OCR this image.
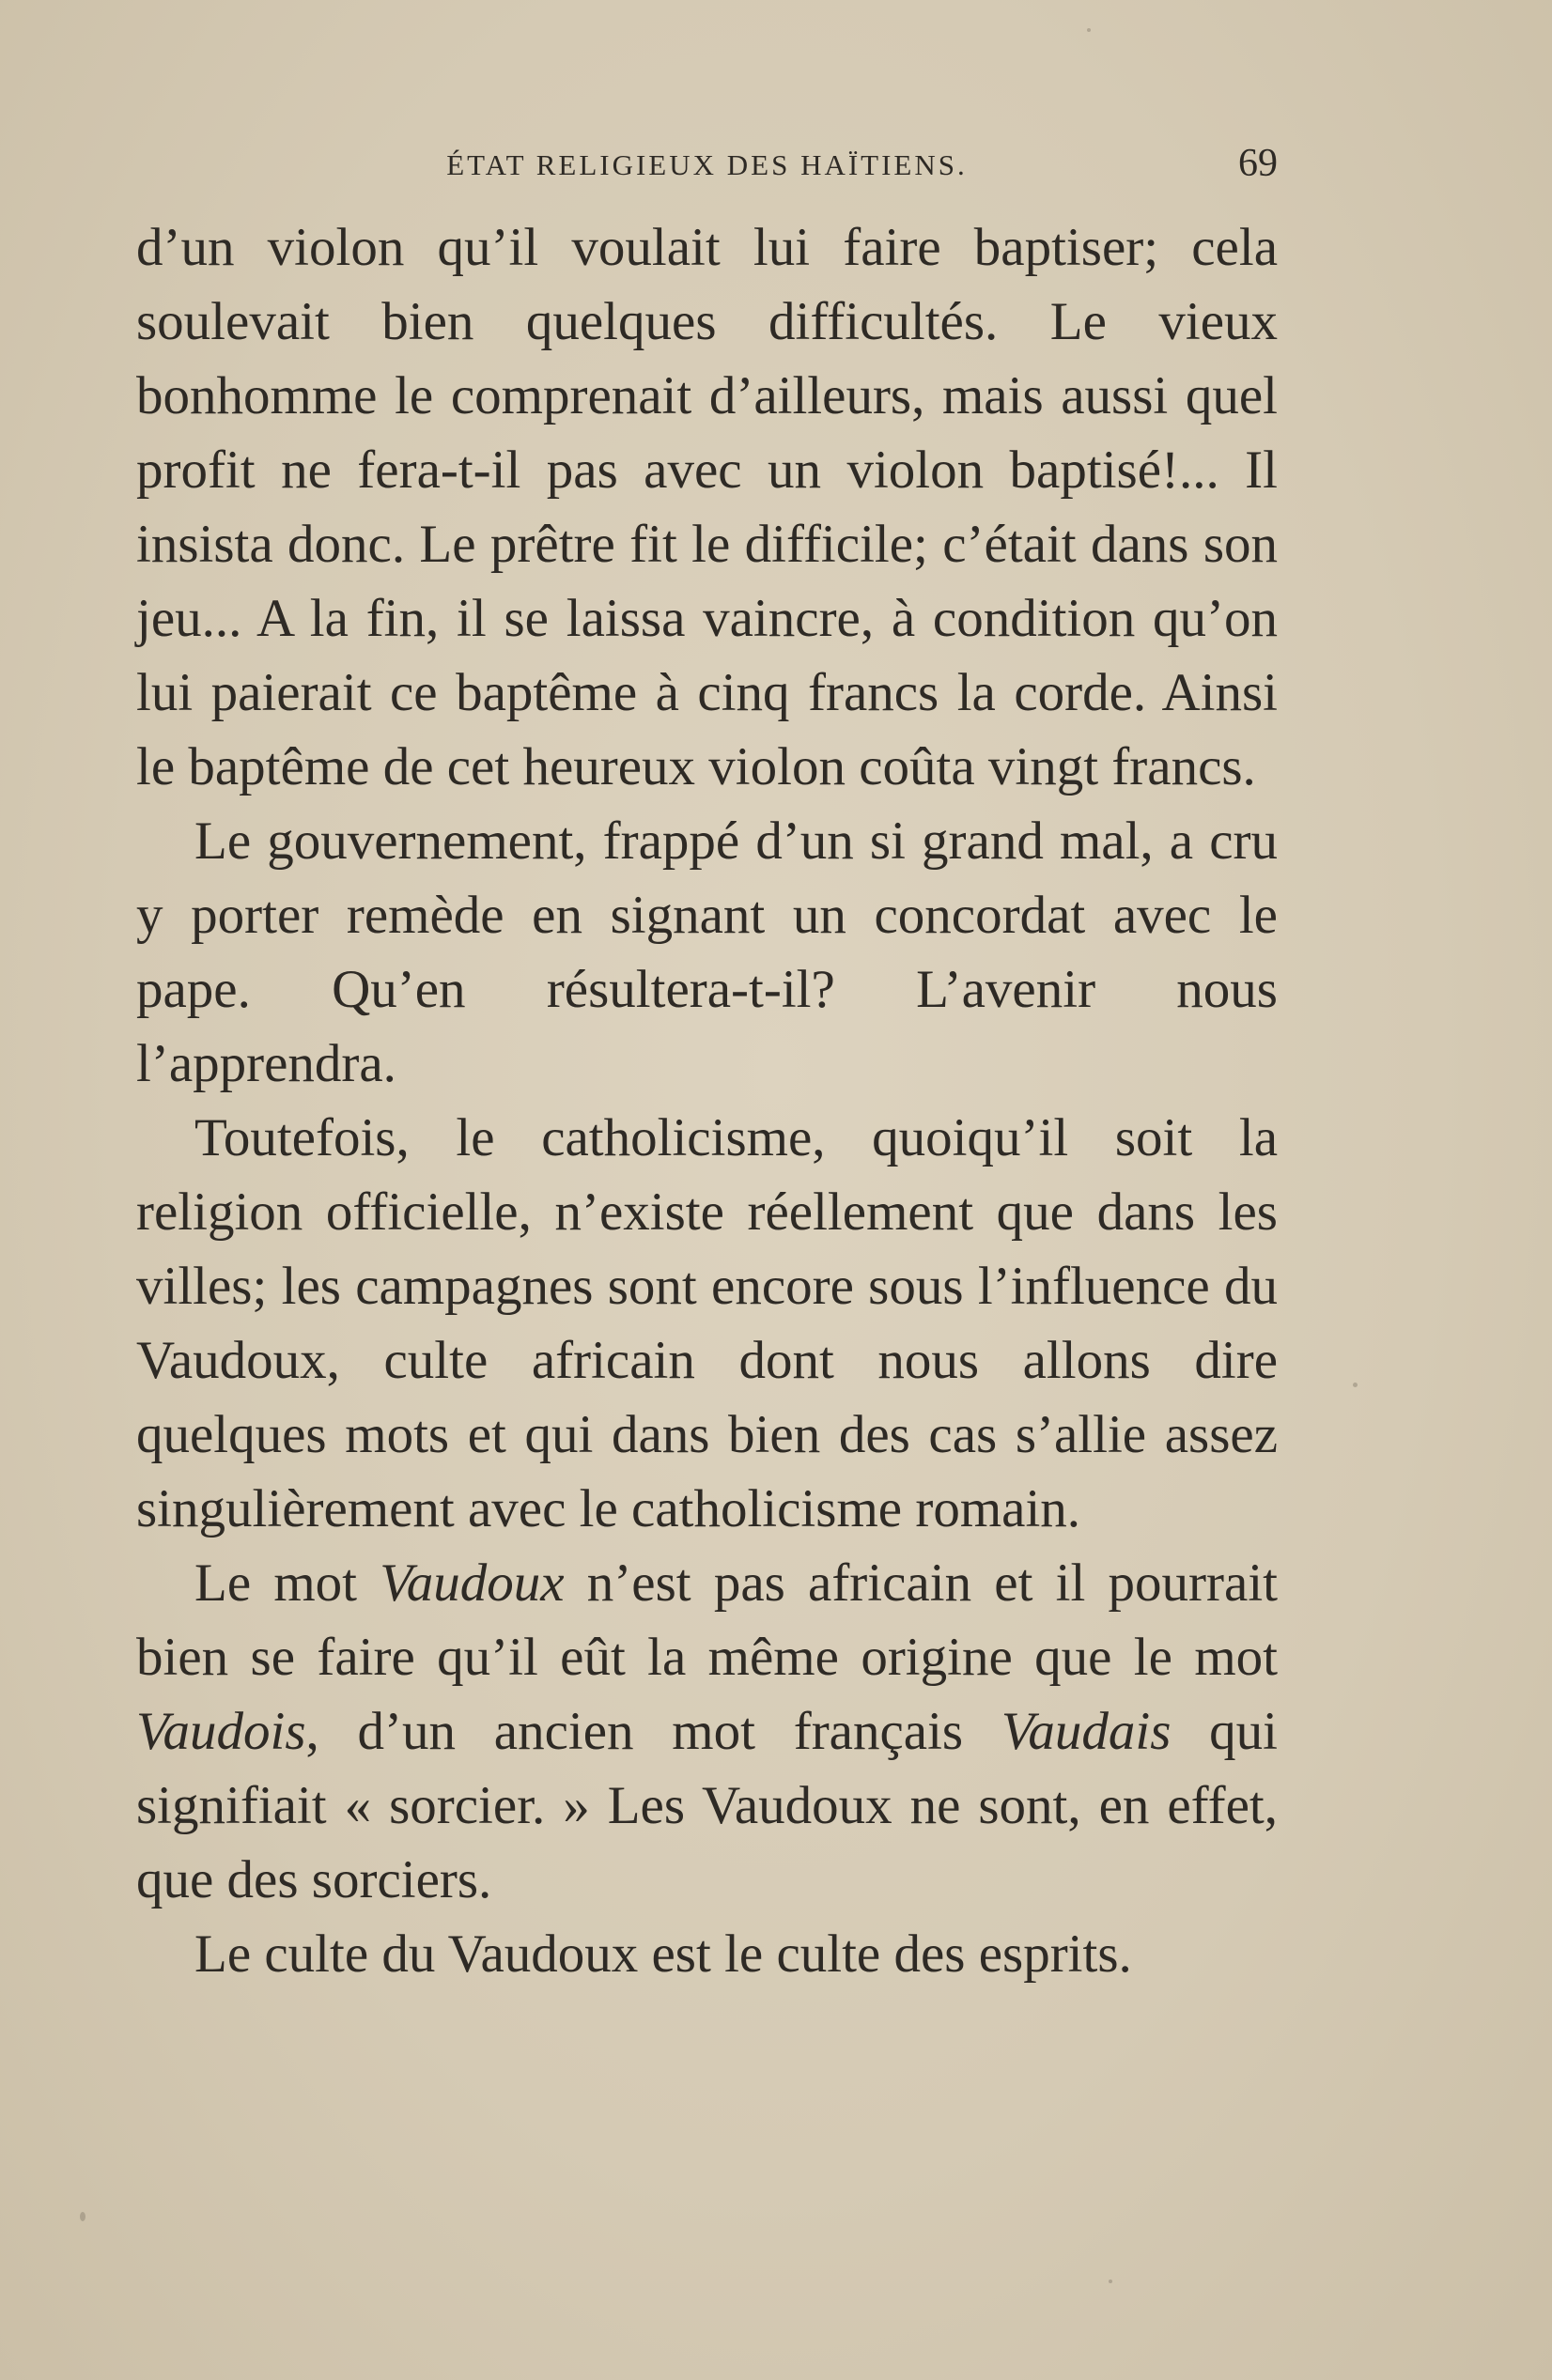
ÉTAT RELIGIEUX DES HAÏTIENS.	69

d’un violon qu’il voulait lui faire baptiser; cela soulevait bien quelques difficultés. Le vieux bonhomme le comprenait d’ailleurs, mais aussi quel profit ne fera-t-il pas avec un violon baptisé!... Il insista donc. Le prêtre fit le difficile; c’était dans son jeu... A la fin, il se laissa vaincre, à condition qu’on lui paierait ce baptême à cinq francs la corde. Ainsi le baptême de cet heureux violon coûta vingt francs.

Le gouvernement, frappé d’un si grand mal, a cru y porter remède en signant un concordat avec le pape. Qu’en résultera-t-il? L’avenir nous l’apprendra.

Toutefois, le catholicisme, quoiqu’il soit la religion officielle, n’existe réellement que dans les villes; les campagnes sont encore sous l’influence du Vaudoux, culte africain dont nous allons dire quelques mots et qui dans bien des cas s’allie assez singulièrement avec le catholicisme romain.

Le mot Vaudoux n’est pas africain et il pourrait bien se faire qu’il eût la même origine que le mot Vaudois, d’un ancien mot français Vaudais qui signifiait « sorcier. » Les Vaudoux ne sont, en effet, que des sorciers.

Le culte du Vaudoux est le culte des esprits.
